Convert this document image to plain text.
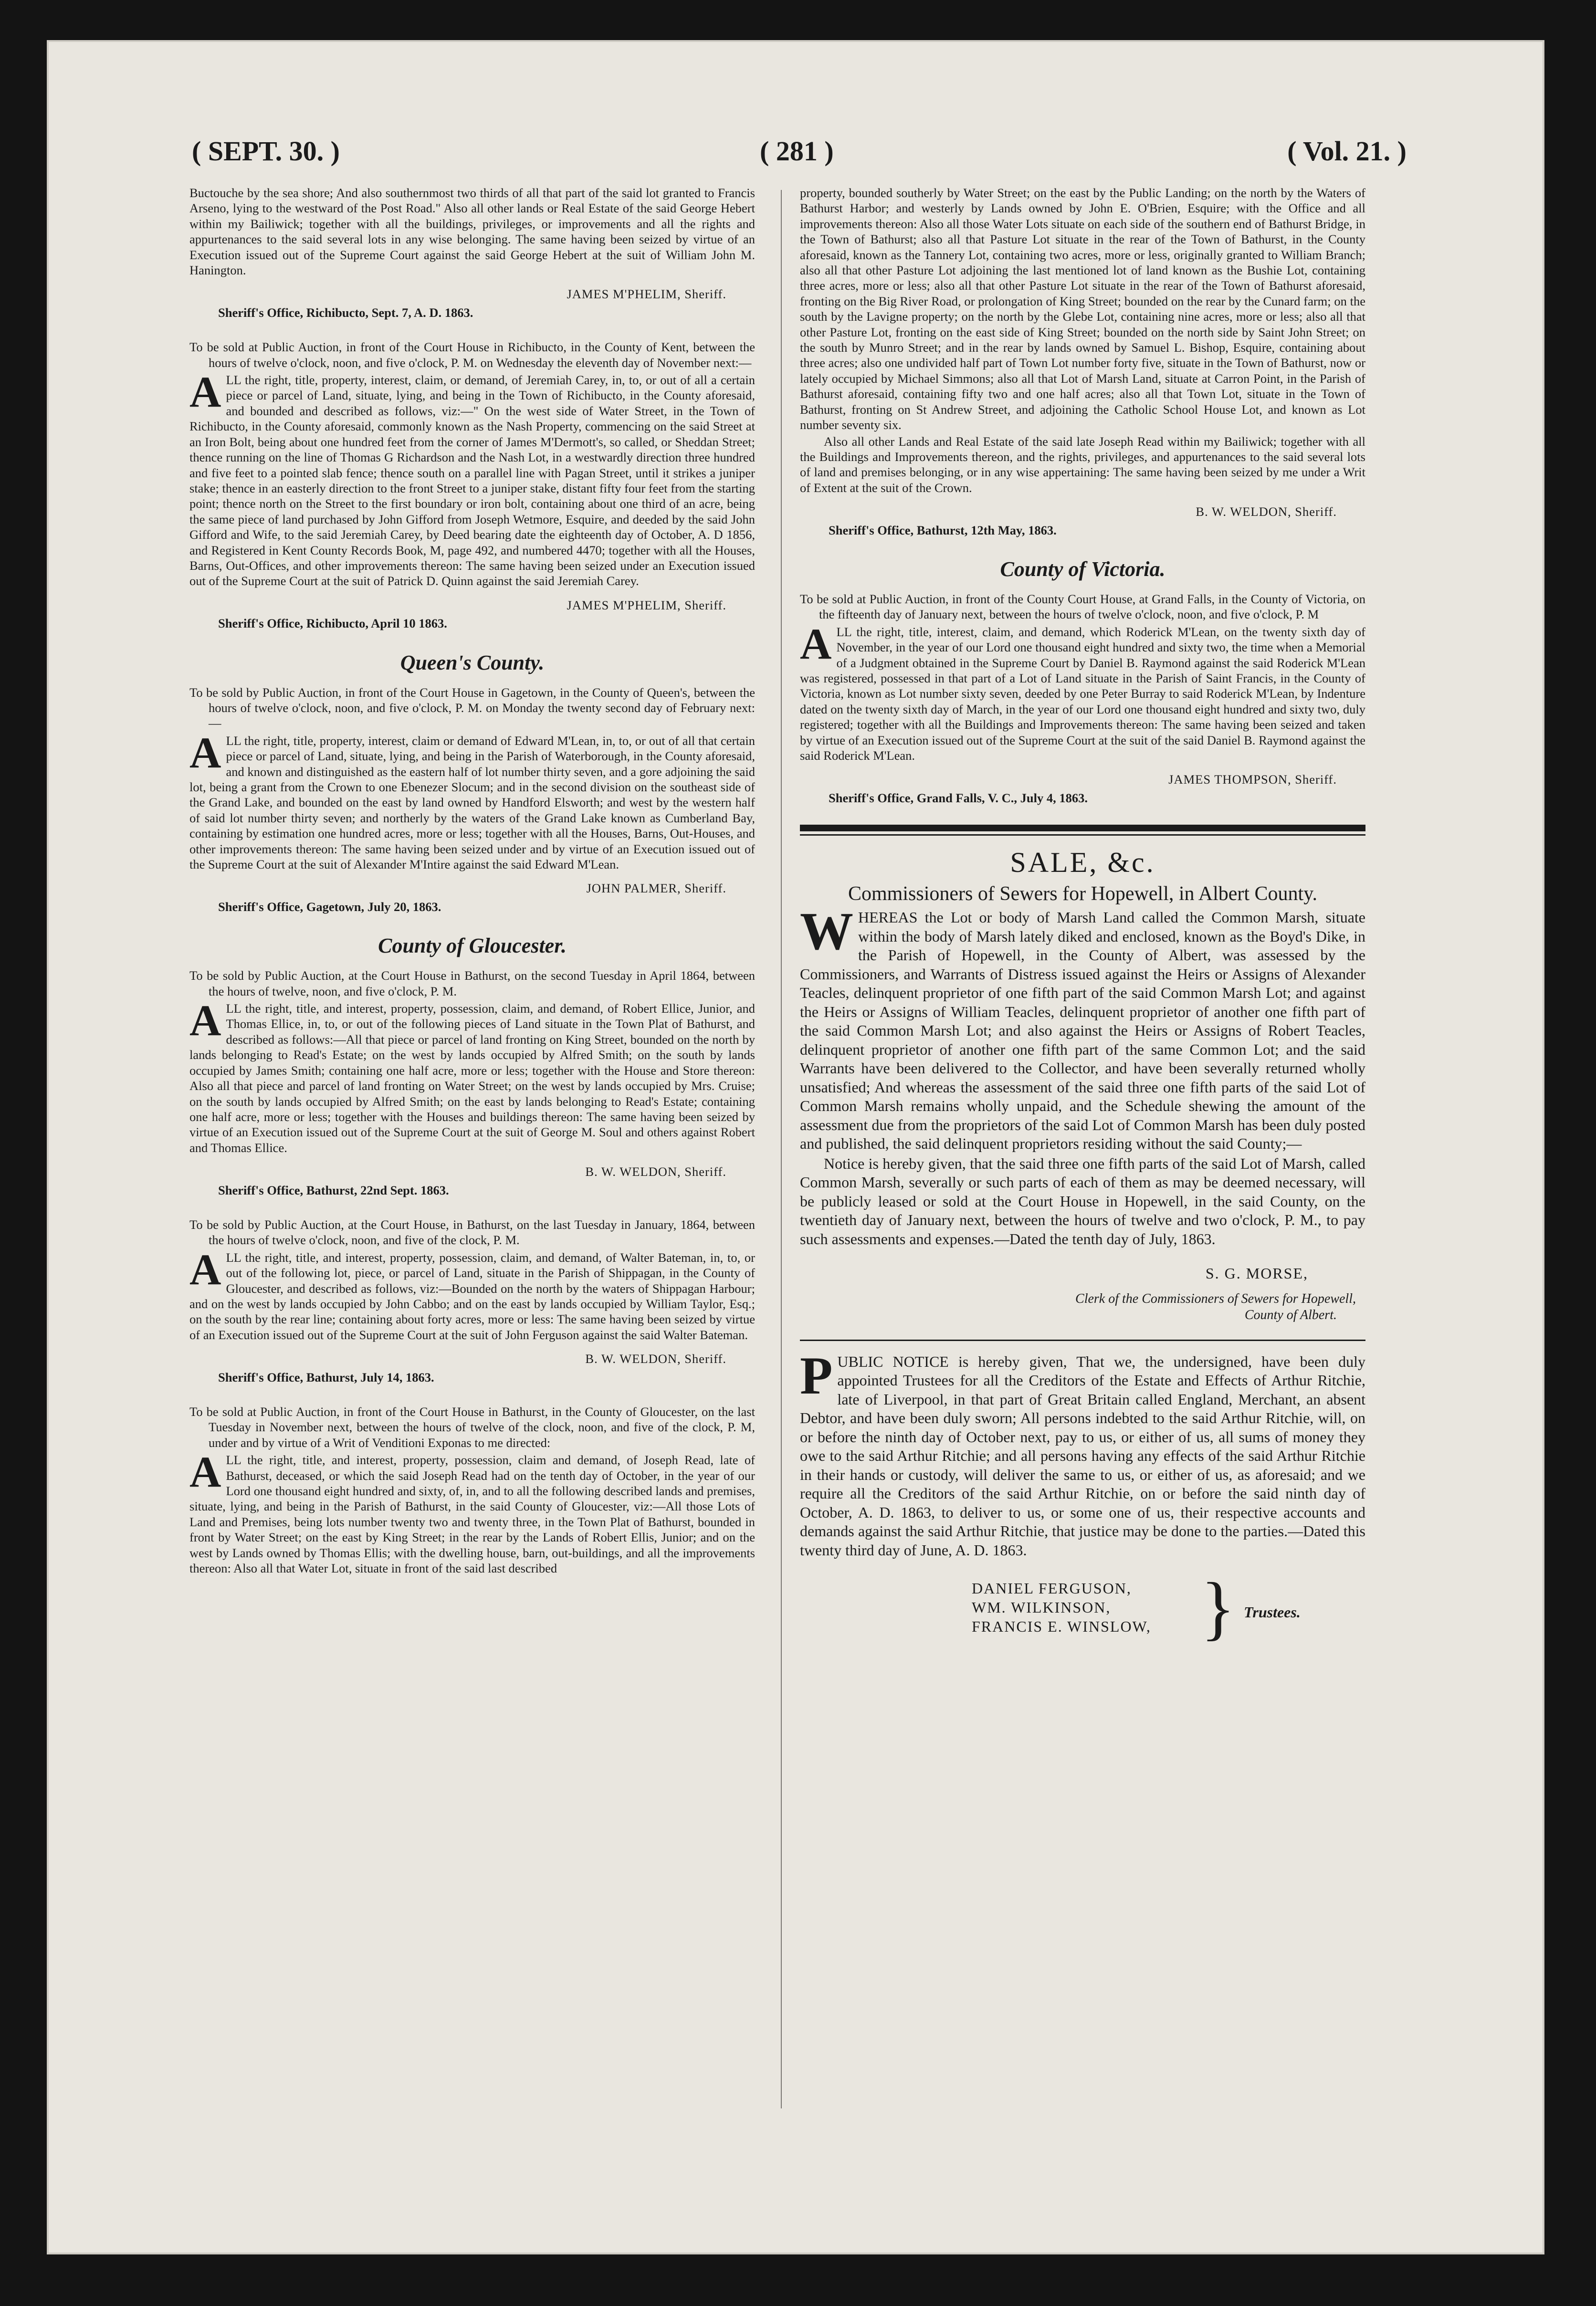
( SEPT. 30. )	( 281 )	( Vol. 21. )

Buctouche by the sea shore; And also southernmost two thirds of all that part of the said lot granted to Francis Arseno, lying to the westward of the Post Road." Also all other lands or Real Estate of the said George Hebert within my Bailiwick; together with all the buildings, privileges, or improvements and all the rights and appurtenances to the said several lots in any wise belonging. The same having been seized by virtue of an Execution issued out of the Supreme Court against the said George Hebert at the suit of William John M. Hanington.

JAMES M'PHELIM, Sheriff.

Sheriff's Office, Richibucto, Sept. 7, A. D. 1863.

To be sold at Public Auction, in front of the Court House in Richibucto, in the County of Kent, between the hours of twelve o'clock, noon, and five o'clock, P. M. on Wednesday the eleventh day of November next:—

ALL the right, title, property, interest, claim, or demand, of Jeremiah Carey, in, to, or out of all a certain piece or parcel of Land, situate, lying, and being in the Town of Richibucto, in the County aforesaid, and bounded and described as follows, viz:—" On the west side of Water Street, in the Town of Richibucto, in the County aforesaid, commonly known as the Nash Property, commencing on the said Street at an Iron Bolt, being about one hundred feet from the corner of James M'Dermott's, so called, or Sheddan Street; thence running on the line of Thomas G Richardson and the Nash Lot, in a westwardly direction three hundred and five feet to a pointed slab fence; thence south on a parallel line with Pagan Street, until it strikes a juniper stake; thence in an easterly direction to the front Street to a juniper stake, distant fifty four feet from the starting point; thence north on the Street to the first boundary or iron bolt, containing about one third of an acre, being the same piece of land purchased by John Gifford from Joseph Wetmore, Esquire, and deeded by the said John Gifford and Wife, to the said Jeremiah Carey, by Deed bearing date the eighteenth day of October, A. D 1856, and Registered in Kent County Records Book, M, page 492, and numbered 4470; together with all the Houses, Barns, Out-Offices, and other improvements thereon: The same having been seized under an Execution issued out of the Supreme Court at the suit of Patrick D. Quinn against the said Jeremiah Carey.

JAMES M'PHELIM, Sheriff.

Sheriff's Office, Richibucto, April 10 1863.

Queen's County.

To be sold by Public Auction, in front of the Court House in Gagetown, in the County of Queen's, between the hours of twelve o'clock, noon, and five o'clock, P. M. on Monday the twenty second day of February next:—

ALL the right, title, property, interest, claim or demand of Edward M'Lean, in, to, or out of all that certain piece or parcel of Land, situate, lying, and being in the Parish of Waterborough, in the County aforesaid, and known and distinguished as the eastern half of lot number thirty seven, and a gore adjoining the said lot, being a grant from the Crown to one Ebenezer Slocum; and in the second division on the southeast side of the Grand Lake, and bounded on the east by land owned by Handford Elsworth; and west by the western half of said lot number thirty seven; and northerly by the waters of the Grand Lake known as Cumberland Bay, containing by estimation one hundred acres, more or less; together with all the Houses, Barns, Out-Houses, and other improvements thereon: The same having been seized under and by virtue of an Execution issued out of the Supreme Court at the suit of Alexander M'Intire against the said Edward M'Lean.

JOHN PALMER, Sheriff.

Sheriff's Office, Gagetown, July 20, 1863.

County of Gloucester.

To be sold by Public Auction, at the Court House in Bathurst, on the second Tuesday in April 1864, between the hours of twelve, noon, and five o'clock, P. M.

ALL the right, title, and interest, property, possession, claim, and demand, of Robert Ellice, Junior, and Thomas Ellice, in, to, or out of the following pieces of Land situate in the Town Plat of Bathurst, and described as follows:—All that piece or parcel of land fronting on King Street, bounded on the north by lands belonging to Read's Estate; on the west by lands occupied by Alfred Smith; on the south by lands occupied by James Smith; containing one half acre, more or less; together with the House and Store thereon: Also all that piece and parcel of land fronting on Water Street; on the west by lands occupied by Mrs. Cruise; on the south by lands occupied by Alfred Smith; on the east by lands belonging to Read's Estate; containing one half acre, more or less; together with the Houses and buildings thereon: The same having been seized by virtue of an Execution issued out of the Supreme Court at the suit of George M. Soul and others against Robert and Thomas Ellice.

B. W. WELDON, Sheriff.

Sheriff's Office, Bathurst, 22nd Sept. 1863.

To be sold by Public Auction, at the Court House, in Bathurst, on the last Tuesday in January, 1864, between the hours of twelve o'clock, noon, and five of the clock, P. M.

ALL the right, title, and interest, property, possession, claim, and demand, of Walter Bateman, in, to, or out of the following lot, piece, or parcel of Land, situate in the Parish of Shippagan, in the County of Gloucester, and described as follows, viz:—Bounded on the north by the waters of Shippagan Harbour; and on the west by lands occupied by John Cabbo; and on the east by lands occupied by William Taylor, Esq.; on the south by the rear line; containing about forty acres, more or less: The same having been seized by virtue of an Execution issued out of the Supreme Court at the suit of John Ferguson against the said Walter Bateman.

B. W. WELDON, Sheriff.

Sheriff's Office, Bathurst, July 14, 1863.

To be sold at Public Auction, in front of the Court House in Bathurst, in the County of Gloucester, on the last Tuesday in November next, between the hours of twelve of the clock, noon, and five of the clock, P. M, under and by virtue of a Writ of Venditioni Exponas to me directed:

ALL the right, title, and interest, property, possession, claim and demand, of Joseph Read, late of Bathurst, deceased, or which the said Joseph Read had on the tenth day of October, in the year of our Lord one thousand eight hundred and sixty, of, in, and to all the following described lands and premises, situate, lying, and being in the Parish of Bathurst, in the said County of Gloucester, viz:—All those Lots of Land and Premises, being lots number twenty two and twenty three, in the Town Plat of Bathurst, bounded in front by Water Street; on the east by King Street; in the rear by the Lands of Robert Ellis, Junior; and on the west by Lands owned by Thomas Ellis; with the dwelling house, barn, out-buildings, and all the improvements thereon: Also all that Water Lot, situate in front of the said last described

property, bounded southerly by Water Street; on the east by the Public Landing; on the north by the Waters of Bathurst Harbor; and westerly by Lands owned by John E. O'Brien, Esquire; with the Office and all improvements thereon: Also all those Water Lots situate on each side of the southern end of Bathurst Bridge, in the Town of Bathurst; also all that Pasture Lot situate in the rear of the Town of Bathurst, in the County aforesaid, known as the Tannery Lot, containing two acres, more or less, originally granted to William Branch; also all that other Pasture Lot adjoining the last mentioned lot of land known as the Bushie Lot, containing three acres, more or less; also all that other Pasture Lot situate in the rear of the Town of Bathurst aforesaid, fronting on the Big River Road, or prolongation of King Street; bounded on the rear by the Cunard farm; on the south by the Lavigne property; on the north by the Glebe Lot, containing nine acres, more or less; also all that other Pasture Lot, fronting on the east side of King Street; bounded on the north side by Saint John Street; on the south by Munro Street; and in the rear by lands owned by Samuel L. Bishop, Esquire, containing about three acres; also one undivided half part of Town Lot number forty five, situate in the Town of Bathurst, now or lately occupied by Michael Simmons; also all that Lot of Marsh Land, situate at Carron Point, in the Parish of Bathurst aforesaid, containing fifty two and one half acres; also all that Town Lot, situate in the Town of Bathurst, fronting on St Andrew Street, and adjoining the Catholic School House Lot, and known as Lot number seventy six.

Also all other Lands and Real Estate of the said late Joseph Read within my Bailiwick; together with all the Buildings and Improvements thereon, and the rights, privileges, and appurtenances to the said several lots of land and premises belonging, or in any wise appertaining: The same having been seized by me under a Writ of Extent at the suit of the Crown.

B. W. WELDON, Sheriff.

Sheriff's Office, Bathurst, 12th May, 1863.

County of Victoria.

To be sold at Public Auction, in front of the County Court House, at Grand Falls, in the County of Victoria, on the fifteenth day of January next, between the hours of twelve o'clock, noon, and five o'clock, P. M

ALL the right, title, interest, claim, and demand, which Roderick M'Lean, on the twenty sixth day of November, in the year of our Lord one thousand eight hundred and sixty two, the time when a Memorial of a Judgment obtained in the Supreme Court by Daniel B. Raymond against the said Roderick M'Lean was registered, possessed in that part of a Lot of Land situate in the Parish of Saint Francis, in the County of Victoria, known as Lot number sixty seven, deeded by one Peter Burray to said Roderick M'Lean, by Indenture dated on the twenty sixth day of March, in the year of our Lord one thousand eight hundred and sixty two, duly registered; together with all the Buildings and Improvements thereon: The same having been seized and taken by virtue of an Execution issued out of the Supreme Court at the suit of the said Daniel B. Raymond against the said Roderick M'Lean.

JAMES THOMPSON, Sheriff.

Sheriff's Office, Grand Falls, V. C., July 4, 1863.

SALE, &c.

Commissioners of Sewers for Hopewell, in Albert County.

WHEREAS the Lot or body of Marsh Land called the Common Marsh, situate within the body of Marsh lately diked and enclosed, known as the Boyd's Dike, in the Parish of Hopewell, in the County of Albert, was assessed by the Commissioners, and Warrants of Distress issued against the Heirs or Assigns of Alexander Teacles, delinquent proprietor of one fifth part of the said Common Marsh Lot; and against the Heirs or Assigns of William Teacles, delinquent proprietor of another one fifth part of the said Common Marsh Lot; and also against the Heirs or Assigns of Robert Teacles, delinquent proprietor of another one fifth part of the same Common Lot; and the said Warrants have been delivered to the Collector, and have been severally returned wholly unsatisfied; And whereas the assessment of the said three one fifth parts of the said Lot of Common Marsh remains wholly unpaid, and the Schedule shewing the amount of the assessment due from the proprietors of the said Lot of Common Marsh has been duly posted and published, the said delinquent proprietors residing without the said County;—

Notice is hereby given, that the said three one fifth parts of the said Lot of Marsh, called Common Marsh, severally or such parts of each of them as may be deemed necessary, will be publicly leased or sold at the Court House in Hopewell, in the said County, on the twentieth day of January next, between the hours of twelve and two o'clock, P. M., to pay such assessments and expenses.—Dated the tenth day of July, 1863.

S. G. MORSE,

Clerk of the Commissioners of Sewers for Hopewell,

County of Albert.

PUBLIC NOTICE is hereby given, That we, the undersigned, have been duly appointed Trustees for all the Creditors of the Estate and Effects of Arthur Ritchie, late of Liverpool, in that part of Great Britain called England, Merchant, an absent Debtor, and have been duly sworn; All persons indebted to the said Arthur Ritchie, will, on or before the ninth day of October next, pay to us, or either of us, all sums of money they owe to the said Arthur Ritchie; and all persons having any effects of the said Arthur Ritchie in their hands or custody, will deliver the same to us, or either of us, as aforesaid; and we require all the Creditors of the said Arthur Ritchie, on or before the said ninth day of October, A. D. 1863, to deliver to us, or some one of us, their respective accounts and demands against the said Arthur Ritchie, that justice may be done to the parties.—Dated this twenty third day of June, A. D. 1863.

DANIEL FERGUSON,
WM. WILKINSON,
FRANCIS E. WINSLOW, } Trustees.
